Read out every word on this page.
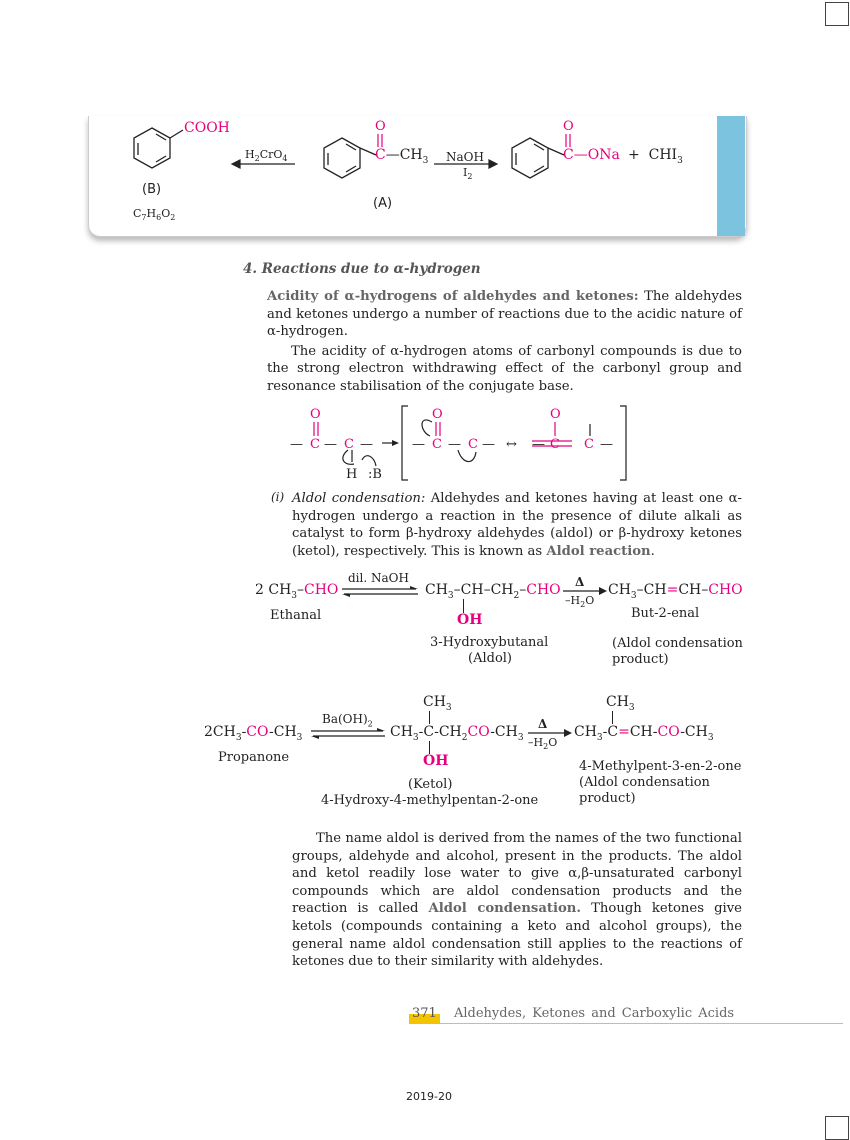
COOH
$H_2CrO_4$
(B)
$C_7H_6O_2$
O
$C—CH_3$
(A)
NaOH
$I_2$
O
C—ONa +  $CHI_3$
4. Reactions due to α-hydrogen

Acidity of α-hydrogens of aldehydes and ketones: The aldehydes and ketones undergo a number of reactions due to the acidic nature of α-hydrogen.

The acidity of α-hydrogen atoms of carbonyl compounds is due to the strong electron withdrawing effect of the carbonyl group and resonance stabilisation of the conjugate base.

O
— C — C —
H :B
O
— C — C — ↔ —
O
C C —
(i) Aldol condensation: Aldehydes and ketones having at least one α-hydrogen undergo a reaction in the presence of dilute alkali as catalyst to form β-hydroxy aldehydes (aldol) or β-hydroxy ketones (ketol), respectively. This is known as Aldol reaction.

2 $CH_3$–CHO
Ethanal
dil. NaOH
$CH_3-CH-CH_2$–CHO
OH
3-Hydroxybutanal
(Aldol)
Δ
$-H_2O$
$CH_3-CH=CH$–CHO
But-2-enal
(Aldol condensation
product)
$2CH_3-CO-CH_3$
Propanone
$Ba(OH)_2$
$CH_3$
$CH_3-C-CH_2CO-CH_3$
OH
(Ketol)
4-Hydroxy-4-methylpentan-2-one
Δ
$-H_2O$
$CH_3$
$CH_3-C=CH-CO-CH_3$
4-Methylpent-3-en-2-one
(Aldol condensation
product)

The name aldol is derived from the names of the two functional groups, aldehyde and alcohol, present in the products. The aldol and ketol readily lose water to give α,β-unsaturated carbonyl compounds which are aldol condensation products and the reaction is called Aldol condensation. Though ketones give ketols (compounds containing a keto and alcohol groups), the general name aldol condensation still applies to the reactions of ketones due to their similarity with aldehydes.

371 Aldehydes, Ketones and Carboxylic Acids
2019-20
